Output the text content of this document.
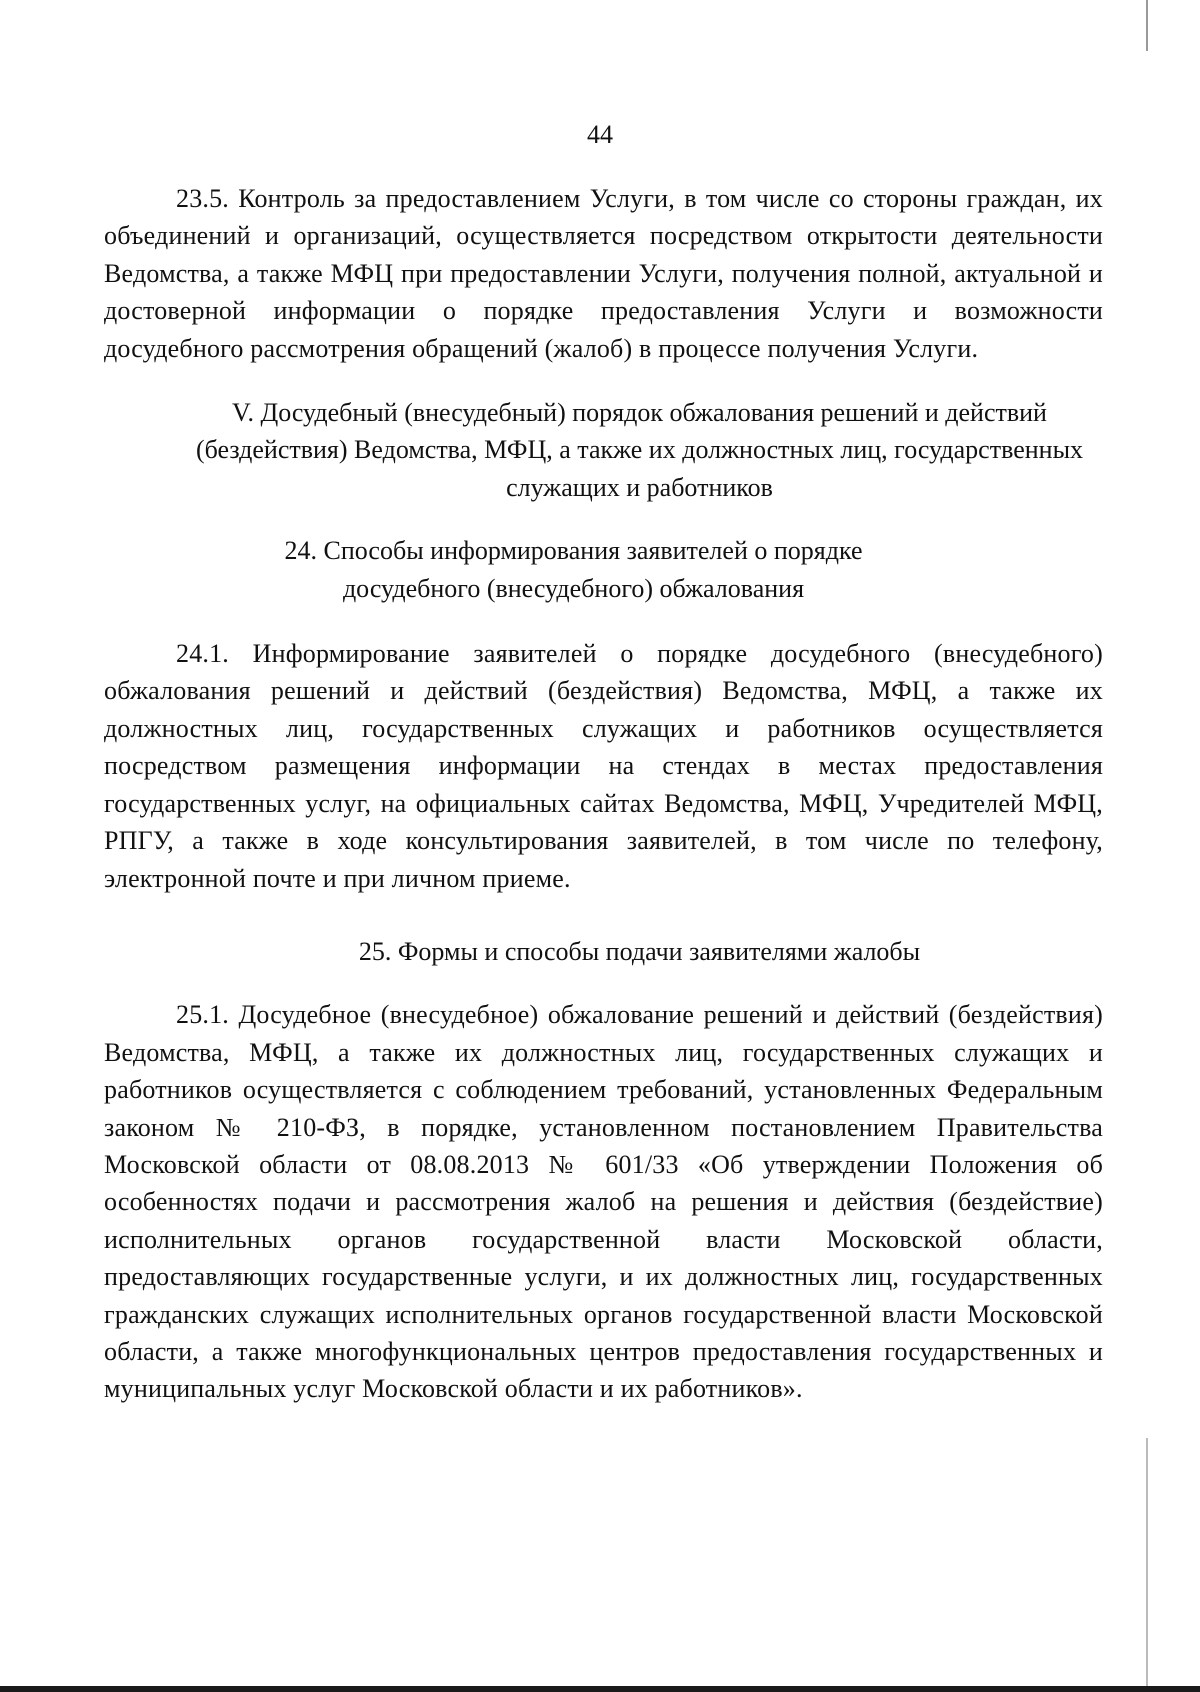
44

23.5. Контроль за предоставлением Услуги, в том числе со стороны граждан, их объединений и организаций, осуществляется посредством открытости деятельности Ведомства, а также МФЦ при предоставлении Услуги, получения полной, актуальной и достоверной информации о порядке предоставления Услуги и возможности досудебного рассмотрения обращений (жалоб) в процессе получения Услуги.

V. Досудебный (внесудебный) порядок обжалования решений и действий (бездействия) Ведомства, МФЦ, а также их должностных лиц, государственных служащих и работников

24. Способы информирования заявителей о порядке досудебного (внесудебного) обжалования

24.1. Информирование заявителей о порядке досудебного (внесудебного) обжалования решений и действий (бездействия) Ведомства, МФЦ, а также их должностных лиц, государственных служащих и работников осуществляется посредством размещения информации на стендах в местах предоставления государственных услуг, на официальных сайтах Ведомства, МФЦ, Учредителей МФЦ, РПГУ, а также в ходе консультирования заявителей, в том числе по телефону, электронной почте и при личном приеме.

25. Формы и способы подачи заявителями жалобы

25.1. Досудебное (внесудебное) обжалование решений и действий (бездействия) Ведомства, МФЦ, а также их должностных лиц, государственных служащих и работников осуществляется с соблюдением требований, установленных Федеральным законом № 210-ФЗ, в порядке, установленном постановлением Правительства Московской области от 08.08.2013 № 601/33 «Об утверждении Положения об особенностях подачи и рассмотрения жалоб на решения и действия (бездействие) исполнительных органов государственной власти Московской области, предоставляющих государственные услуги, и их должностных лиц, государственных гражданских служащих исполнительных органов государственной власти Московской области, а также многофункциональных центров предоставления государственных и муниципальных услуг Московской области и их работников».
